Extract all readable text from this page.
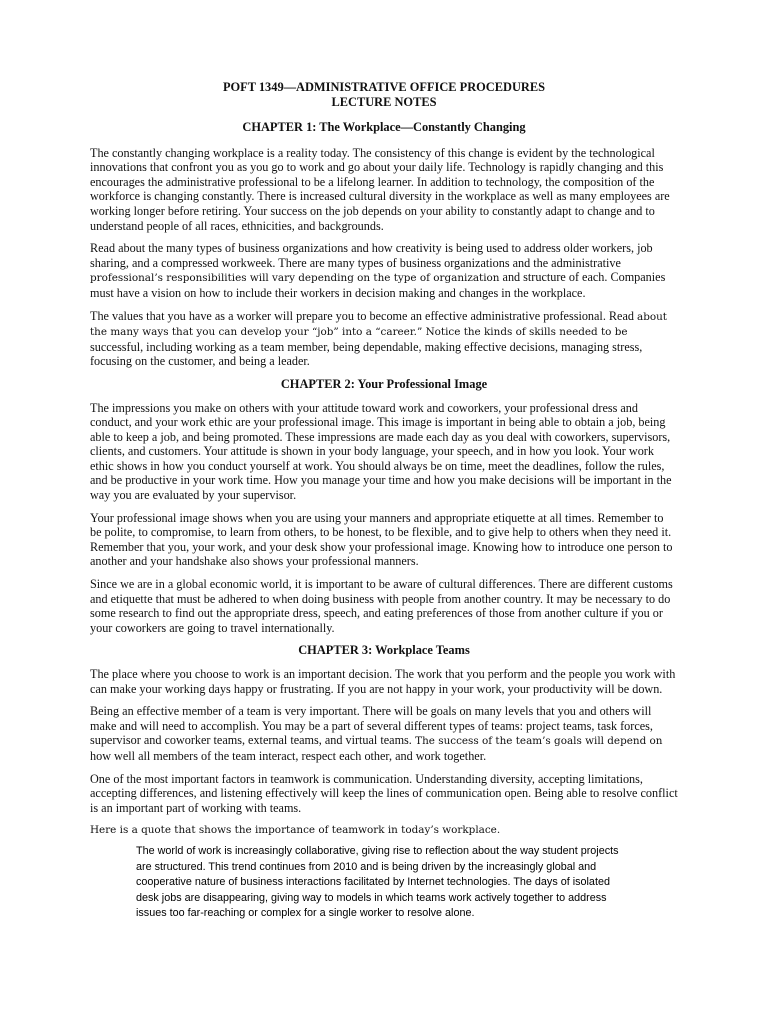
POFT 1349—ADMINISTRATIVE OFFICE PROCEDURES
LECTURE NOTES
CHAPTER 1: The Workplace—Constantly Changing

The constantly changing workplace is a reality today. The consistency of this change is evident by the technological innovations that confront you as you go to work and go about your daily life. Technology is rapidly changing and this encourages the administrative professional to be a lifelong learner. In addition to technology, the composition of the workforce is changing constantly. There is increased cultural diversity in the workplace as well as many employees are working longer before retiring. Your success on the job depends on your ability to constantly adapt to change and to understand people of all races, ethnicities, and backgrounds.

Read about the many types of business organizations and how creativity is being used to address older workers, job sharing, and a compressed workweek. There are many types of business organizations and the administrative professional’s responsibilities will vary depending on the type of organization and structure of each. Companies must have a vision on how to include their workers in decision making and changes in the workplace.

The values that you have as a worker will prepare you to become an effective administrative professional. Read about the many ways that you can develop your “job” into a “career.” Notice the kinds of skills needed to be successful, including working as a team member, being dependable, making effective decisions, managing stress, focusing on the customer, and being a leader.

CHAPTER 2: Your Professional Image

The impressions you make on others with your attitude toward work and coworkers, your professional dress and conduct, and your work ethic are your professional image. This image is important in being able to obtain a job, being able to keep a job, and being promoted. These impressions are made each day as you deal with coworkers, supervisors, clients, and customers. Your attitude is shown in your body language, your speech, and in how you look. Your work ethic shows in how you conduct yourself at work. You should always be on time, meet the deadlines, follow the rules, and be productive in your work time. How you manage your time and how you make decisions will be important in the way you are evaluated by your supervisor.

Your professional image shows when you are using your manners and appropriate etiquette at all times. Remember to be polite, to compromise, to learn from others, to be honest, to be flexible, and to give help to others when they need it. Remember that you, your work, and your desk show your professional image. Knowing how to introduce one person to another and your handshake also shows your professional manners.

Since we are in a global economic world, it is important to be aware of cultural differences. There are different customs and etiquette that must be adhered to when doing business with people from another country. It may be necessary to do some research to find out the appropriate dress, speech, and eating preferences of those from another culture if you or your coworkers are going to travel internationally.

CHAPTER 3: Workplace Teams

The place where you choose to work is an important decision. The work that you perform and the people you work with can make your working days happy or frustrating. If you are not happy in your work, your productivity will be down.

Being an effective member of a team is very important. There will be goals on many levels that you and others will make and will need to accomplish. You may be a part of several different types of teams: project teams, task forces, supervisor and coworker teams, external teams, and virtual teams. The success of the team’s goals will depend on how well all members of the team interact, respect each other, and work together.

One of the most important factors in teamwork is communication. Understanding diversity, accepting limitations, accepting differences, and listening effectively will keep the lines of communication open. Being able to resolve conflict is an important part of working with teams.

Here is a quote that shows the importance of teamwork in today’s workplace.

The world of work is increasingly collaborative, giving rise to reflection about the way student projects are structured. This trend continues from 2010 and is being driven by the increasingly global and cooperative nature of business interactions facilitated by Internet technologies. The days of isolated desk jobs are disappearing, giving way to models in which teams work actively together to address issues too far-reaching or complex for a single worker to resolve alone.
